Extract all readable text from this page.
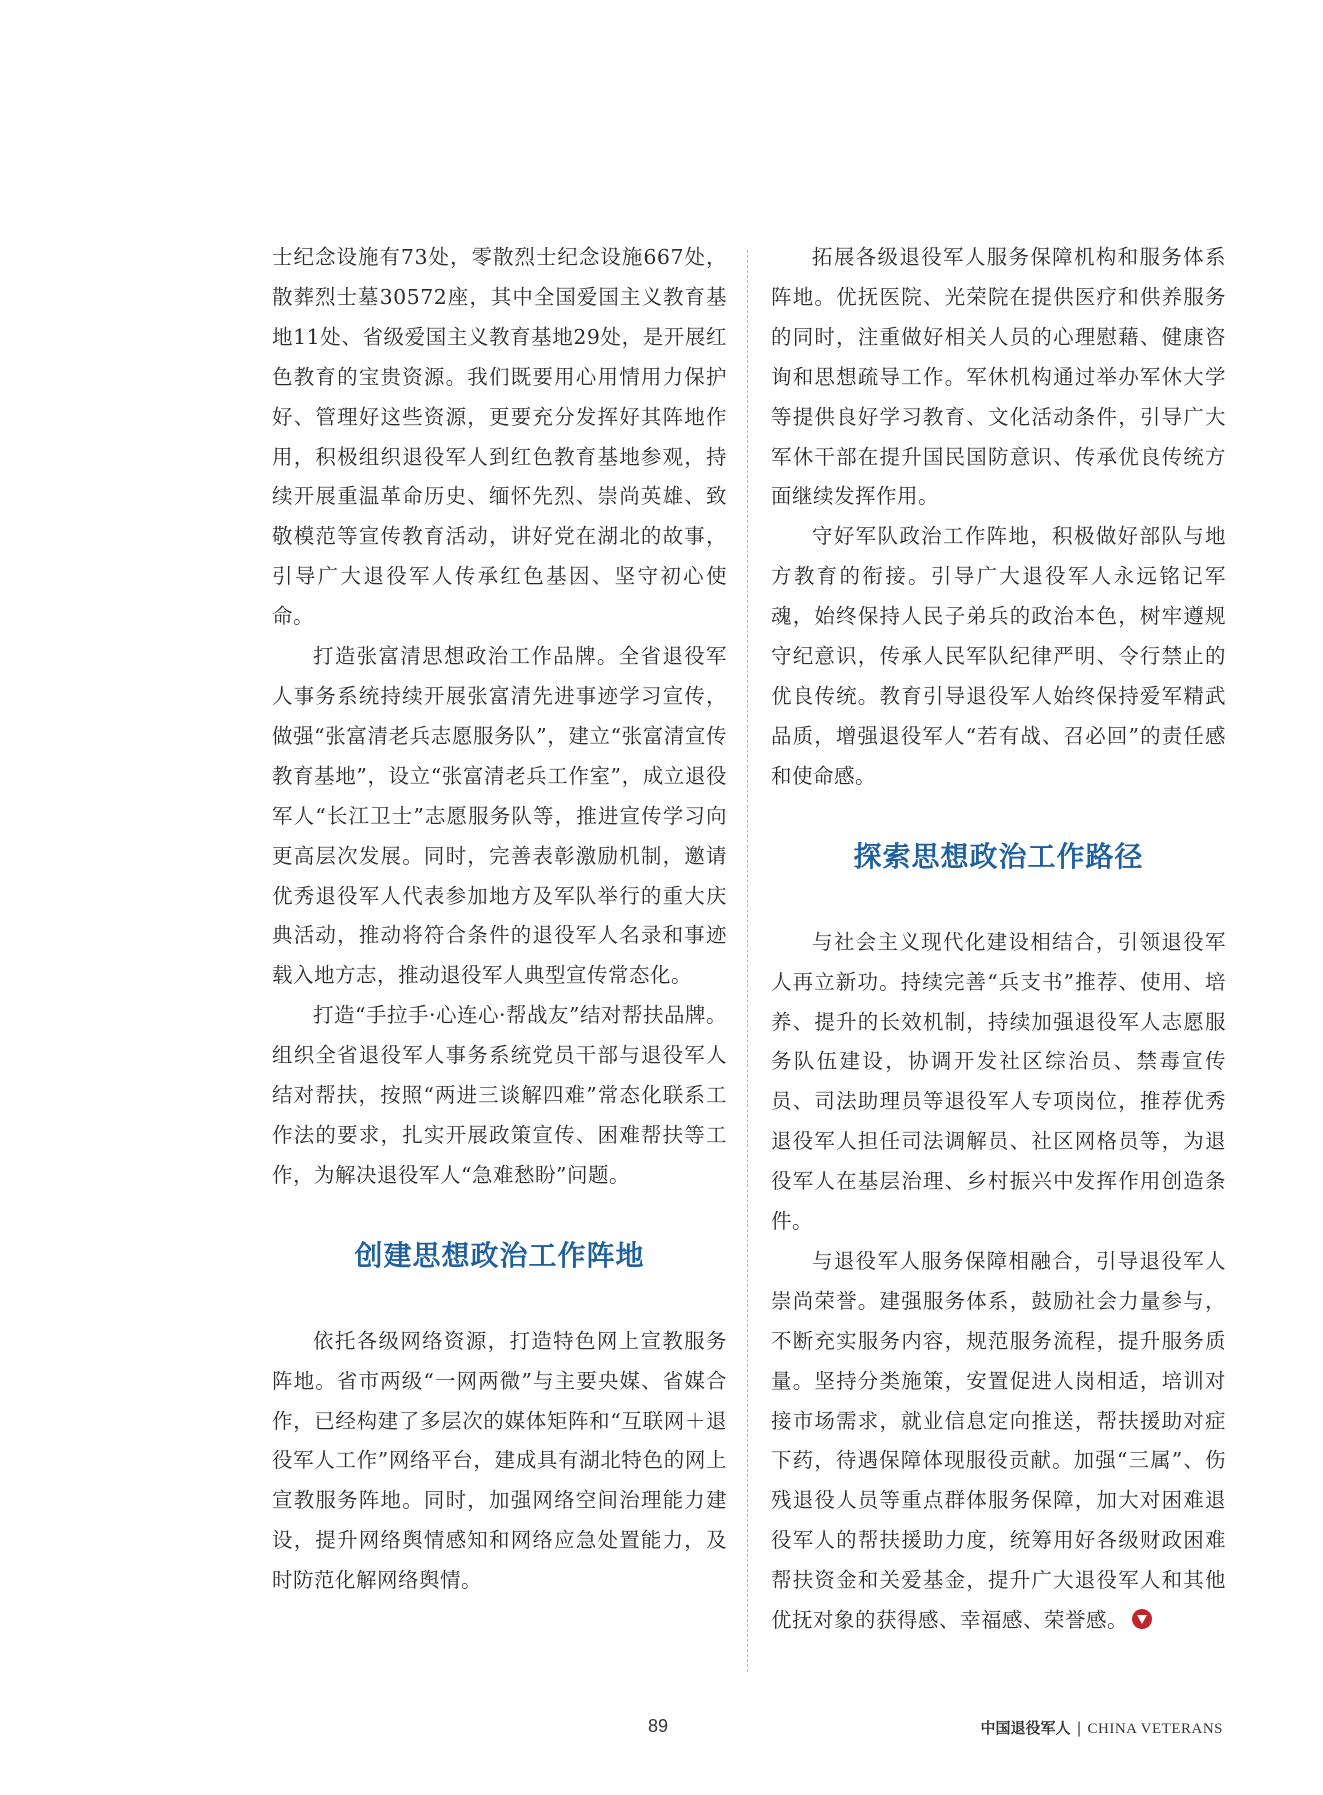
士纪念设施有73处，零散烈士纪念设施667处，散葬烈士墓30572座，其中全国爱国主义教育基地11处、省级爱国主义教育基地29处，是开展红色教育的宝贵资源。我们既要用心用情用力保护好、管理好这些资源，更要充分发挥好其阵地作用，积极组织退役军人到红色教育基地参观，持续开展重温革命历史、缅怀先烈、崇尚英雄、致敬模范等宣传教育活动，讲好党在湖北的故事，引导广大退役军人传承红色基因、坚守初心使命。

打造张富清思想政治工作品牌。全省退役军人事务系统持续开展张富清先进事迹学习宣传，做强“张富清老兵志愿服务队”，建立“张富清宣传教育基地”，设立“张富清老兵工作室”，成立退役军人“长江卫士”志愿服务队等，推进宣传学习向更高层次发展。同时，完善表彰激励机制，邀请优秀退役军人代表参加地方及军队举行的重大庆典活动，推动将符合条件的退役军人名录和事迹载入地方志，推动退役军人典型宣传常态化。

打造“手拉手·心连心·帮战友”结对帮扶品牌。组织全省退役军人事务系统党员干部与退役军人结对帮扶，按照“两进三谈解四难”常态化联系工作法的要求，扎实开展政策宣传、困难帮扶等工作，为解决退役军人“急难愁盼”问题。

创建思想政治工作阵地

依托各级网络资源，打造特色网上宣教服务阵地。省市两级“一网两微”与主要央媒、省媒合作，已经构建了多层次的媒体矩阵和“互联网＋退役军人工作”网络平台，建成具有湖北特色的网上宣教服务阵地。同时，加强网络空间治理能力建设，提升网络舆情感知和网络应急处置能力，及时防范化解网络舆情。

拓展各级退役军人服务保障机构和服务体系阵地。优抚医院、光荣院在提供医疗和供养服务的同时，注重做好相关人员的心理慰藉、健康咨询和思想疏导工作。军休机构通过举办军休大学等提供良好学习教育、文化活动条件，引导广大军休干部在提升国民国防意识、传承优良传统方面继续发挥作用。

守好军队政治工作阵地，积极做好部队与地方教育的衔接。引导广大退役军人永远铭记军魂，始终保持人民子弟兵的政治本色，树牢遵规守纪意识，传承人民军队纪律严明、令行禁止的优良传统。教育引导退役军人始终保持爱军精武品质，增强退役军人“若有战、召必回”的责任感和使命感。

探索思想政治工作路径

与社会主义现代化建设相结合，引领退役军人再立新功。持续完善“兵支书”推荐、使用、培养、提升的长效机制，持续加强退役军人志愿服务队伍建设，协调开发社区综治员、禁毒宣传员、司法助理员等退役军人专项岗位，推荐优秀退役军人担任司法调解员、社区网格员等，为退役军人在基层治理、乡村振兴中发挥作用创造条件。

与退役军人服务保障相融合，引导退役军人崇尚荣誉。建强服务体系，鼓励社会力量参与，不断充实服务内容，规范服务流程，提升服务质量。坚持分类施策，安置促进人岗相适，培训对接市场需求，就业信息定向推送，帮扶援助对症下药，待遇保障体现服役贡献。加强“三属”、伤残退役人员等重点群体服务保障，加大对困难退役军人的帮扶援助力度，统筹用好各级财政困难帮扶资金和关爱基金，提升广大退役军人和其他优抚对象的获得感、幸福感、荣誉感。

89	中国退役军人 | CHINA VETERANS
